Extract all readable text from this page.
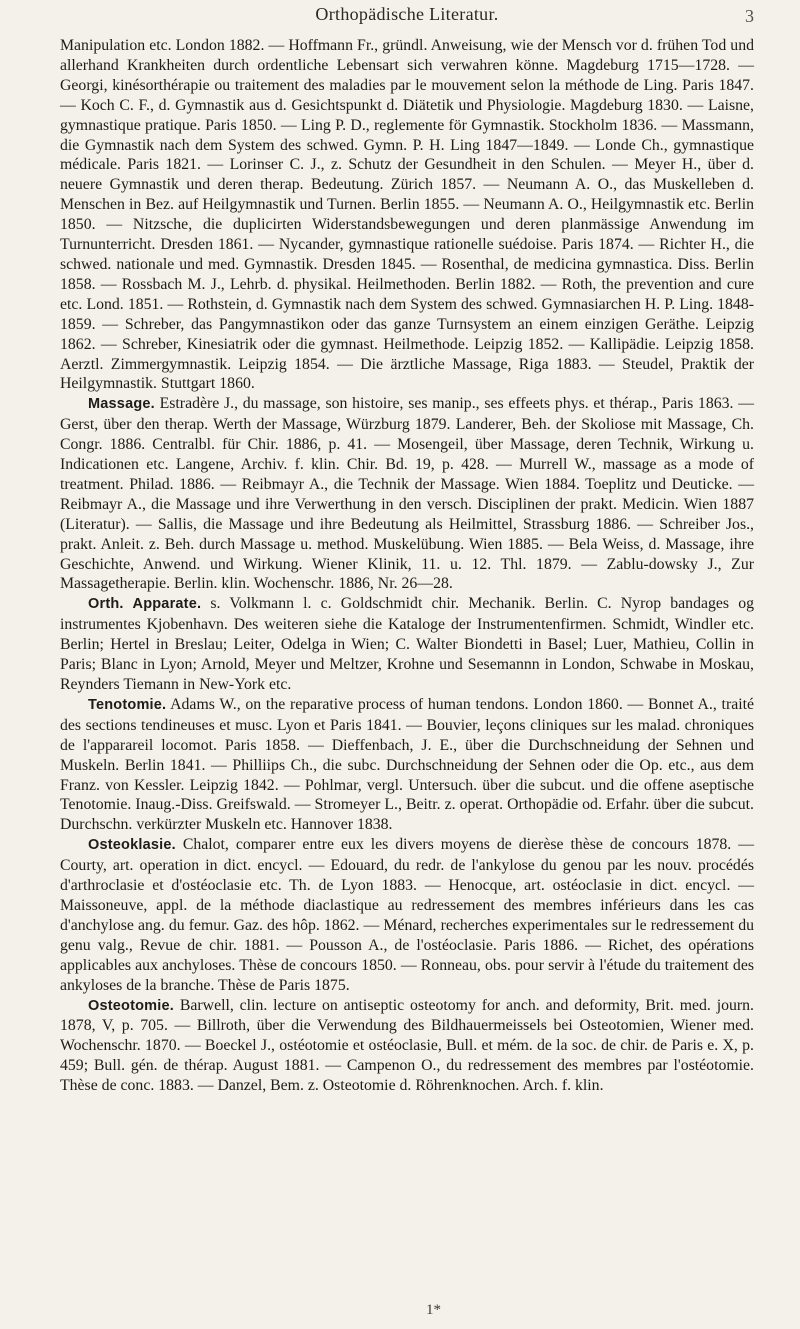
Orthopädische Literatur.	3

Manipulation etc. London 1882. — Hoffmann Fr., gründl. Anweisung, wie der Mensch vor d. frühen Tod und allerhand Krankheiten durch ordentliche Lebensart sich verwahren könne. Magdeburg 1715—1728. — Georgi, kinésorthérapie ou traitement des maladies par le mouvement selon la méthode de Ling. Paris 1847. — Koch C. F., d. Gymnastik aus d. Gesichtspunkt d. Diätetik und Physiologie. Magdeburg 1830. — Laisne, gymnastique pratique. Paris 1850. — Ling P. D., reglemente för Gymnastik. Stockholm 1836. — Massmann, die Gymnastik nach dem System des schwed. Gymn. P. H. Ling 1847—1849. — Londe Ch., gymnastique médicale. Paris 1821. — Lorinser C. J., z. Schutz der Gesundheit in den Schulen. — Meyer H., über d. neuere Gymnastik und deren therap. Bedeutung. Zürich 1857. — Neumann A. O., das Muskelleben d. Menschen in Bez. auf Heilgymnastik und Turnen. Berlin 1855. — Neumann A. O., Heilgymnastik etc. Berlin 1850. — Nitzsche, die duplicirten Widerstandsbewegungen und deren planmässige Anwendung im Turnunterricht. Dresden 1861. — Nycander, gymnastique rationelle suédoise. Paris 1874. — Richter H., die schwed. nationale und med. Gymnastik. Dresden 1845. — Rosenthal, de medicina gymnastica. Diss. Berlin 1858. — Rossbach M. J., Lehrb. d. physikal. Heilmethoden. Berlin 1882. — Roth, the prevention and cure etc. Lond. 1851. — Rothstein, d. Gymnastik nach dem System des schwed. Gymnasiarchen H. P. Ling. 1848-1859. — Schreber, das Pangymnastikon oder das ganze Turnsystem an einem einzigen Geräthe. Leipzig 1862. — Schreber, Kinesiatrik oder die gymnast. Heilmethode. Leipzig 1852. — Kallipädie. Leipzig 1858. Aerztl. Zimmergymnastik. Leipzig 1854. — Die ärztliche Massage, Riga 1883. — Steudel, Praktik der Heilgymnastik. Stuttgart 1860.

Massage. Estradère J., du massage, son histoire, ses manip., ses effeets phys. et thérap., Paris 1863. — Gerst, über den therap. Werth der Massage, Würzburg 1879. Landerer, Beh. der Skoliose mit Massage, Ch. Congr. 1886. Centralbl. für Chir. 1886, p. 41. — Mosengeil, über Massage, deren Technik, Wirkung u. Indicationen etc. Langene, Archiv. f. klin. Chir. Bd. 19, p. 428. — Murrell W., massage as a mode of treatment. Philad. 1886. — Reibmayr A., die Technik der Massage. Wien 1884. Toeplitz und Deuticke. — Reibmayr A., die Massage und ihre Verwerthung in den versch. Disciplinen der prakt. Medicin. Wien 1887 (Literatur). — Sallis, die Massage und ihre Bedeutung als Heilmittel, Strassburg 1886. — Schreiber Jos., prakt. Anleit. z. Beh. durch Massage u. method. Muskelübung. Wien 1885. — Bela Weiss, d. Massage, ihre Geschichte, Anwend. und Wirkung. Wiener Klinik, 11. u. 12. Thl. 1879. — Zablu-dowsky J., Zur Massagetherapie. Berlin. klin. Wochenschr. 1886, Nr. 26—28.

Orth. Apparate. s. Volkmann l. c. Goldschmidt chir. Mechanik. Berlin. C. Nyrop bandages og instrumentes Kjobenhavn. Des weiteren siehe die Kataloge der Instrumentenfirmen. Schmidt, Windler etc. Berlin; Hertel in Breslau; Leiter, Odelga in Wien; C. Walter Biondetti in Basel; Luer, Mathieu, Collin in Paris; Blanc in Lyon; Arnold, Meyer und Meltzer, Krohne und Sesemannn in London, Schwabe in Moskau, Reynders Tiemann in New-York etc.

Tenotomie. Adams W., on the reparative process of human tendons. London 1860. — Bonnet A., traité des sections tendineuses et musc. Lyon et Paris 1841. — Bouvier, leçons cliniques sur les malad. chroniques de l'apparareil locomot. Paris 1858. — Dieffenbach, J. E., über die Durchschneidung der Sehnen und Muskeln. Berlin 1841. — Philliips Ch., die subc. Durchschneidung der Sehnen oder die Op. etc., aus dem Franz. von Kessler. Leipzig 1842. — Pohlmar, vergl. Untersuch. über die subcut. und die offene aseptische Tenotomie. Inaug.-Diss. Greifswald. — Stromeyer L., Beitr. z. operat. Orthopädie od. Erfahr. über die subcut. Durchschn. verkürzter Muskeln etc. Hannover 1838.

Osteoklasie. Chalot, comparer entre eux les divers moyens de dierèse thèse de concours 1878. — Courty, art. operation in dict. encycl. — Edouard, du redr. de l'ankylose du genou par les nouv. procédés d'arthroclasie et d'ostéoclasie etc. Th. de Lyon 1883. — Henocque, art. ostéoclasie in dict. encycl. — Maissoneuve, appl. de la méthode diaclastique au redressement des membres inférieurs dans les cas d'anchylose ang. du femur. Gaz. des hôp. 1862. — Ménard, recherches experimentales sur le redressement du genu valg., Revue de chir. 1881. — Pousson A., de l'ostéoclasie. Paris 1886. — Richet, des opérations applicables aux anchyloses. Thèse de concours 1850. — Ronneau, obs. pour servir à l'étude du traitement des ankyloses de la branche. Thèse de Paris 1875.

Osteotomie. Barwell, clin. lecture on antiseptic osteotomy for anch. and deformity, Brit. med. journ. 1878, V, p. 705. — Billroth, über die Verwendung des Bildhauermeissels bei Osteotomien, Wiener med. Wochenschr. 1870. — Boeckel J., ostéotomie et ostéoclasie, Bull. et mém. de la soc. de chir. de Paris e. X, p. 459; Bull. gén. de thérap. August 1881. — Campenon O., du redressement des membres par l'ostéotomie. Thèse de conc. 1883. — Danzel, Bem. z. Osteotomie d. Röhrenknochen. Arch. f. klin.

1*
